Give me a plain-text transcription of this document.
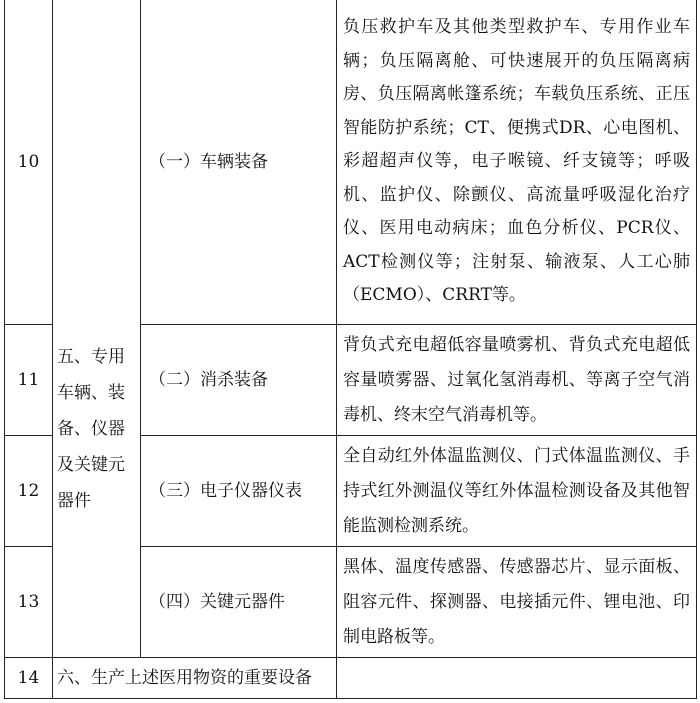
10	五、专用车辆、装备、仪器及关键元器件	（一）车辆装备	负压救护车及其他类型救护车、专用作业车辆；负压隔离舱、可快速展开的负压隔离病房、负压隔离帐篷系统；车载负压系统、正压智能防护系统；CT、便携式DR、心电图机、彩超超声仪等，电子喉镜、纤支镜等；呼吸机、监护仪、除颤仪、高流量呼吸湿化治疗仪、医用电动病床；血色分析仪、PCR仪、ACT检测仪等；注射泵、输液泵、人工心肺（ECMO）、CRRT等。

11		（二）消杀装备	背负式充电超低容量喷雾机、背负式充电超低容量喷雾器、过氧化氢消毒机、等离子空气消毒机、终末空气消毒机等。

12		（三）电子仪器仪表	全自动红外体温监测仪、门式体温监测仪、手持式红外测温仪等红外体温检测设备及其他智能监测检测系统。

13		（四）关键元器件	黑体、温度传感器、传感器芯片、显示面板、阻容元件、探测器、电接插元件、锂电池、印制电路板等。

14	六、生产上述医用物资的重要设备		
